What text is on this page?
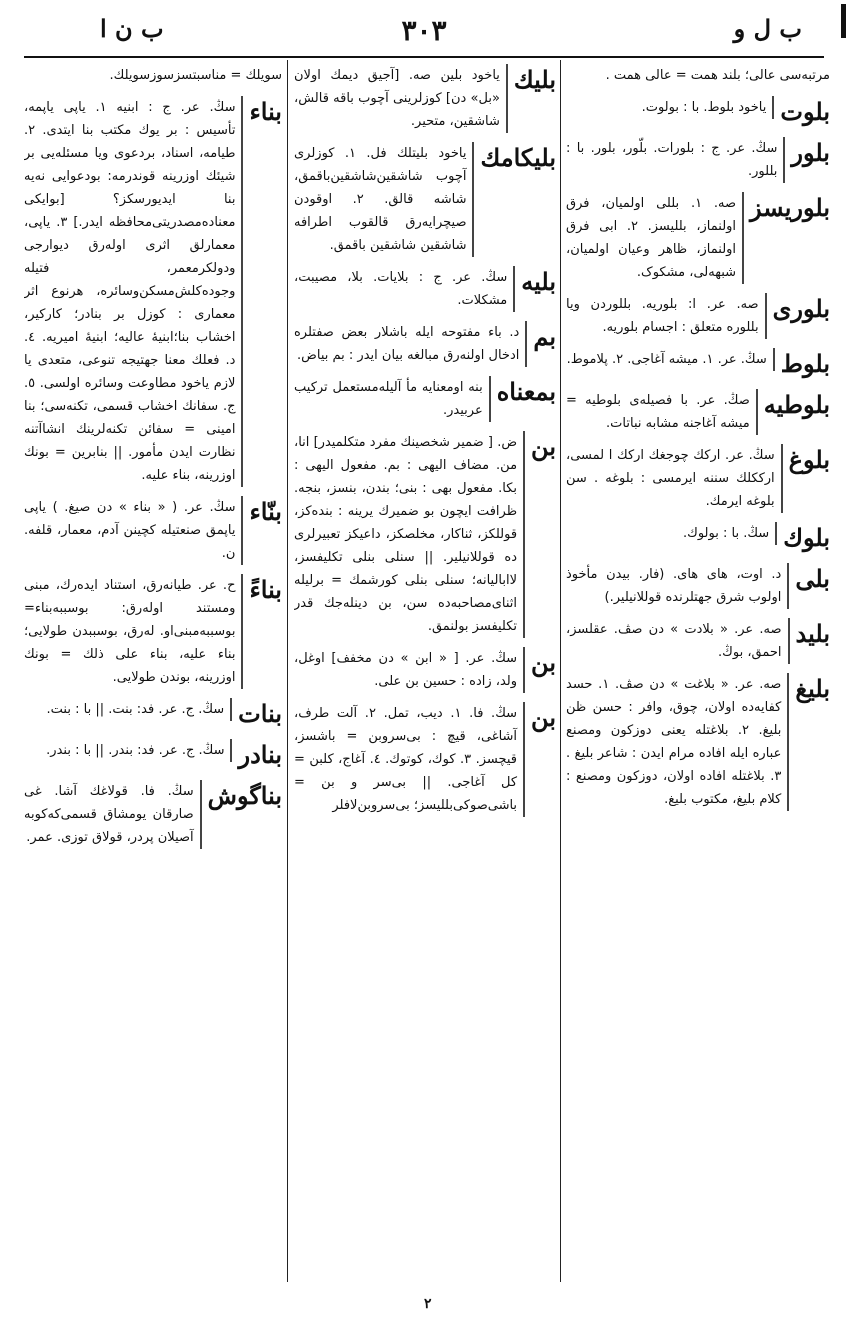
ب ل و
۳۰۳
ب ن ا
مرتبه‌سی عالی؛ بلند همت = عالی همت .
بلوت
یاخود بلوط. با : بولوت.
بلور
سڭ. عر. ج : بلورات. بلّور، بلور. با : بللور.
بلوریسز
صه. ۱. بللی اولمیان، فرق اولنماز، بللیسز. ۲. ابی فرق اولنماز، ظاهر وعیان اولمیان، شبهه‌لی، مشکوک.
بلوری
صه. عر. ا: بلوریه. بللوردن ویا بللوره متعلق : اجسام بلوریه.
بلوط
سڭ. عر. ۱. میشه آغاجی. ۲. پلاموط.
بلوطیه
صڭ. عر. با فصیله‌ی بلوطیه = میشه آغاجنه مشابه نباتات.
بلوغ
سڭ. عر. ارکك چوجغك ارکك ا لمسی، ارککلك سننه ایرمسی : بلوغه . سن بلوغه ایرمك.
بلوك
سڭ. با : بولوك.
بلی
د. اوت، های های. (فار. بیدن مأخوذ اولوب شرق جهتلرنده قوللانیلیر.)
بلید
صه. عر. « بلادت » دن صڤ. عقلسز، احمق، بوڭ.
بلیغ
صه. عر. « بلاغت » دن صڤ. ۱. حسد کفایه‌ده اولان، چوق، وافر : حسن ظن بلیغ. ۲. بلاغتله یعنی دوزکون ومصنع عباره ایله افاده مرام ایدن : شاعر بلیغ . ۳. بلاغتله افاده اولان، دوزکون ومصنع : کلام بلیغ، مکتوب بلیغ.
بلیك
یاخود بلین صه. [آجیق دیمك اولان «بل» دن] کوزلرینی آچوب باقه قالش، شاشقین، متحیر.
بلیکامك
یاخود بلیتلك فل. ۱. کوزلری آچوب شاشقین‌شاشقین‌باقمق، شاشه قالق. ۲. اوقودن صیچرایه‌رق قالقوب اطرافه شاشقین شاشقین باقمق.
بلیه
سڭ. عر. ج : بلایات. بلا، مصیبت، مشکلات.
بم
د. باء مفتوحه ایله باشلار بعض صفتلره ادخال اولنه‌رق مبالغه بیان ایدر : بم بیاض.
بمعناه
بنه اومعنایه مأ آلیله‌مستعمل ترکیب عربیدر.
بن
ض. [ ضمیر شخصینك مفرد متکلمیدر] انا، من. مضاف الیهی : بم. مفعول الیهی : بکا. مفعول بهی : بنی؛ بندن، بنسز، بنجه. ظرافت ایچون بو ضمیرك یرینه : بنده‌کز، قوللکز، ثناکار، مخلصکز، داعیکز تعبیرلری ده قوللانیلیر. || سنلی بنلی تکلیفسز، لاابالیانه؛ سنلی بنلی کورشمك = برلیله اثنای‌مصاحبه‌ده سن، بن دینله‌جك قدر تکلیفسز بولنمق.
بن
سڭ. عر. [ « ابن » دن مخفف] اوغل، ولد، زاده : حسین بن علی.
بن
سڭ. فا. ۱. دیب، تمل. ۲. آلت طرف، آشاغی، قیچ : بی‌سروبن = باشسز، قیچسز. ۳. کوك، کوتوك. ٤. آغاج، کلبن = کل آغاجی. || بی‌سر و بن = باشی‌صوکی‌بللیسز؛ بی‌سروبن‌لافلر
سویلك = مناسبتسزسوزسویلك.
بناء
سڭ. عر. ج : ابنیه ۱. یاپی یاپمه، تأسیس : بر یوك مکتب بنا ایتدی. ۲. طیامه، اسناد، بردعوی ویا مسئله‌یی بر شیئك اوزرینه قوندرمه: بودعوایی نه‌یه بنا ایدیورسکز؟ [بوایکی معناده‌مصدریتی‌محافظه ایدر.] ۳. یاپی، معمارلق اثری اوله‌رق دیوارجی ودولکرمعمر، فتیله وجوده‌کلش‌مسکن‌وسائره، هرنوع اثر معماری : کوزل بر بنادر؛ کارکیر، اخشاب بنا؛ابنیهٔ عالیه؛ ابنیهٔ امیریه. ٤. د. فعلك معنا جهتیجه تنوعی، متعدی یا لازم یاخود مطاوعت وسائره اولسی. ٥. ج. سفانك اخشاب قسمی، تکنه‌سی؛ بنا امینی = سفائن تکنه‌لرینك انشاآتنه نظارت ایدن مأمور. || بنابرین = بونك اوزرینه، بناء علیه.
بنّاء
سڭ. عر. ( « بناء » دن صیغ. ) یاپی یاپمق صنعتیله کچینن آدم، معمار، قلفه. ن.
بناءً
ح. عر. طیانه‌رق، استناد ایده‌رك، مبنی ومستند اوله‌رق: بوسببه‌بناء= بوسببه‌مبنی‌او. له‌رق، بوسببدن طولایی؛ بناء علیه، بناء علی ذلك = بونك اوزرینه، بوندن طولایی.
بنات
سڭ. ج. عر. فد: بنت. || با : بنت.
بنادر
سڭ. ج. عر. فد: بندر. || با : بندر.
بناگوش
سڭ. فا. قولاغك آشا. غی صارقان یومشاق قسمی‌که‌کوبه آصیلان پردر، قولاق توزی. عمر.
۲
